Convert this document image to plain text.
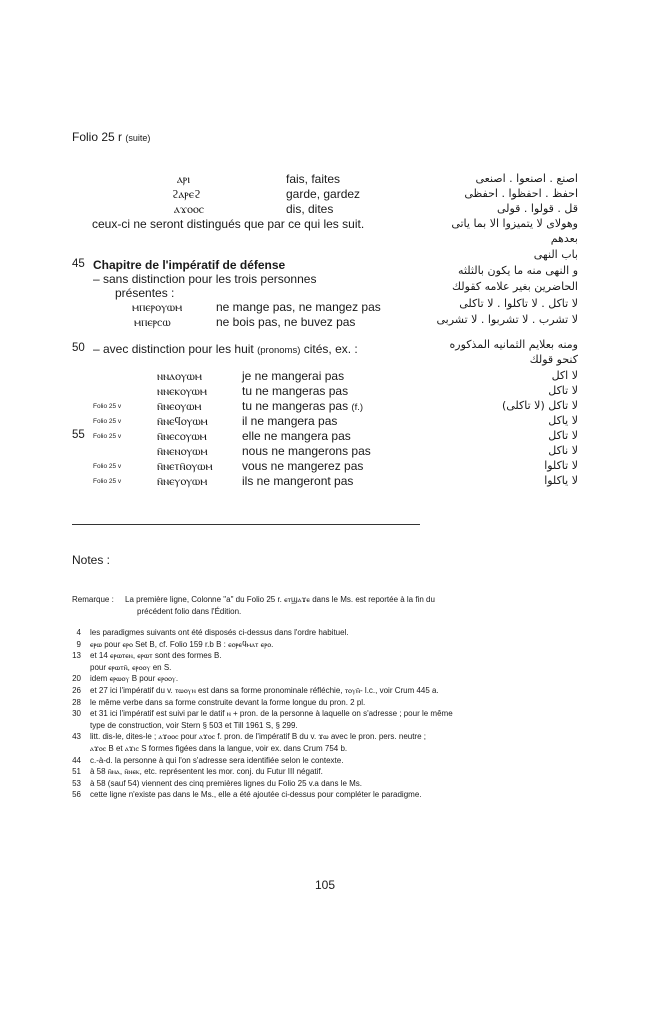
Folio 25 r (suite)
ⲁⲣⲓ	fais, faites	اصنع . اصنعوا . اصنعى
ϩⲁⲣⲉϩ	garde, gardez	احفظ . احفظوا . احفظى
ⲁϫⲟⲟⲥ	dis, dites	قل . قولوا . قولى
ceux-ci ne seront distingués que par ce qui les suit.	وهولاى لا يتميزوا الا بما ياتى
بعدهم
45 Chapitre de l'impératif de défense
باب النهى
و النهى منه ما يكون بالثلثه
الحاضرين بغير علامه كقولك
– sans distinction pour les trois personnes
présentes :
ⲙⲡⲉⲣⲟⲩⲱⲙ	ne mange pas, ne mangez pas	لا تاكل . لا تاكلوا . لا تاكلى
ⲙⲡⲉⲣⲥⲱ	ne bois pas, ne buvez pas	لا تشرب . لا تشربوا . لا تشربى
50 – avec distinction pour les huit (pronoms) cités, ex. :	ومنه بعلايم الثمانيه المذكوره
كنحو قولك
ⲛⲛⲁⲟⲩⲱⲙ	je ne mangerai pas	لا اكل
ⲛⲛⲉⲕⲟⲩⲱⲙ	tu ne mangeras pas	لا تاكل
Folio 25 v	ⲛ̄ⲛⲉⲟⲩⲱⲙ	tu ne mangeras pas (f.)	لا تاكل (لا تاكلى)
Folio 25 v	ⲛ̄ⲛⲉϥⲟⲩⲱⲙ	il ne mangera pas	لا ياكل
55 Folio 25 v	ⲛ̄ⲛⲉⲥⲟⲩⲱⲙ	elle ne mangera pas	لا تاكل
ⲛ̄ⲛⲉⲛⲟⲩⲱⲙ	nous ne mangerons pas	لا ناكل
Folio 25 v	ⲛ̄ⲛⲉⲧⲛ̄ⲟⲩⲱⲙ vous ne mangerez pas	لا تاكلوا
Folio 25 v	ⲛ̄ⲛⲉⲩⲟⲩⲱⲙ	ils ne mangeront pas	لا ياكلوا
Notes :
Remarque : La première ligne, Colonne "a" du Folio 25 r. ⲉⲧϣⲁϫⲉ dans le Ms. est reportée à la fin du
précédent folio dans l'Édition.
4 les paradigmes suivants ont été disposés ci-dessus dans l'ordre habituel.
9 ⲉⲣⲱ pour ⲉⲣⲟ Set B, cf. Folio 159 r.b B : ⲉⲟⲣⲉϥⲙⲁⲧ ⲉⲣⲟ.
13 et 14 ⲉⲣⲱⲧⲉⲛ, ⲉⲣⲱⲧ sont des formes B.
pour ⲉⲣⲱⲧⲛ̄, ⲉⲣⲟⲟⲩ en S.
20 idem ⲉⲣⲱⲟⲩ B pour ⲉⲣⲟⲟⲩ.
26 et 27 ici l'impératif du v. ⲧⲱⲟⲩⲛ est dans sa forme pronominale réfléchie, ⲧⲟⲩⲛ̄- l.c., voir Crum 445 a.
28 le même verbe dans sa forme construite devant la forme longue du pron. 2 pl.
30 et 31 ici l'impératif est suivi par le datif ⲛ + pron. de la personne à laquelle on s'adresse ; pour le même
type de construction, voir Stern § 503 et Till 1961 S, § 299.
43 litt. dis-le, dites-le ; ⲁϫⲟⲟⲥ pour ⲁϫⲟⲥ f. pron. de l'impératif B du v. ϫⲱ avec le pron. pers. neutre ;
ⲁϫⲟⲥ B et ⲁϫⲓⲥ S formes figées dans la langue, voir ex. dans Crum 754 b.
44 c.-à-d. la personne à qui l'on s'adresse sera identifiée selon le contexte.
51 à 58 ⲛ̄ⲛⲁ, ⲛ̄ⲛⲉⲕ, etc. représentent les mor. conj. du Futur III négatif.
53 à 58 (sauf 54) viennent des cinq premières lignes du Folio 25 v.a dans le Ms.
56 cette ligne n'existe pas dans le Ms., elle a été ajoutée ci-dessus pour compléter le paradigme.
105
